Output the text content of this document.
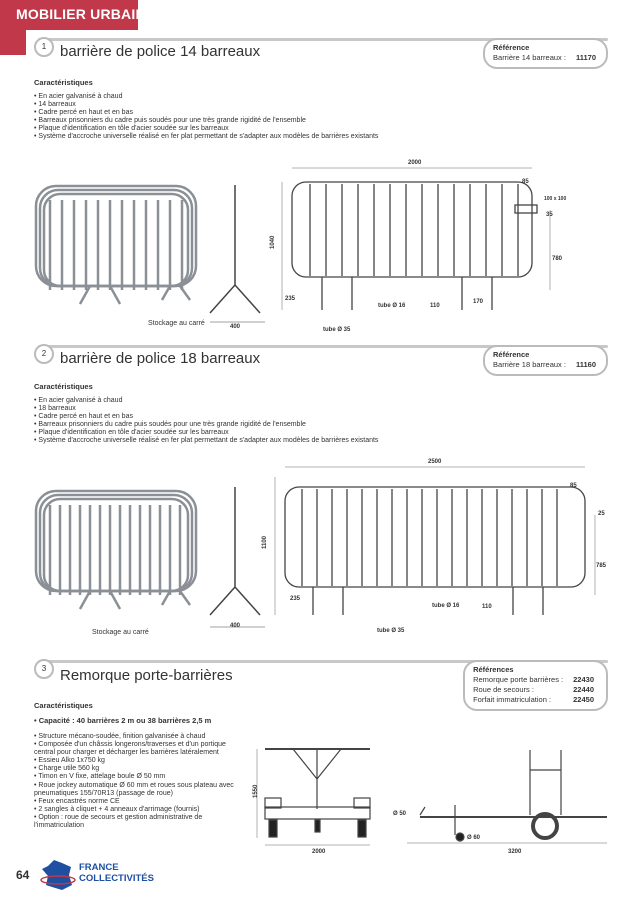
MOBILIER URBAIN
1 barrière de police 14 barreaux	Référence
Barrière 14 barreaux : 11170
Caractéristiques
• En acier galvanisé à chaud
• 14 barreaux
• Cadre percé en haut et en bas
• Barreaux prisonniers du cadre puis soudés pour une très grande rigidité de l'ensemble
• Plaque d'identification en tôle d'acier soudée sur les barreaux
• Système d'accroche universelle réalisé en fer plat permettant de s'adapter aux modèles de barrières existants
400
Stockage au carré
2000
1040
85
100 x 100
35
780
235
tube Ø 16	110
170
tube Ø 35
2 barrière de police 18 barreaux	Référence
Barrière 18 barreaux : 11160
Caractéristiques
• En acier galvanisé à chaud
• 18 barreaux
• Cadre percé en haut et en bas
• Barreaux prisonniers du cadre puis soudés pour une très grande rigidité de l'ensemble
• Plaque d'identification en tôle d'acier soudée sur les barreaux
• Système d'accroche universelle réalisé en fer plat permettant de s'adapter aux modèles de barrières existants
400
Stockage au carré
2500
1100
85
25
785
235
tube Ø 16	110
tube Ø 35
3 Remorque porte-barrières	Références
Remorque porte barrières : 22430
Roue de secours :	22440
Forfait immatriculation :	22450
Caractéristiques
• Capacité : 40 barrières 2 m ou 38 barrières 2,5 m
• Structure mécano-soudée, finition galvanisée à chaud
• Composée d'un châssis longerons/traverses et d'un portique central pour charger et décharger les barrières latéralement
• Essieu Alko 1x750 kg
• Charge utile 560 kg
• Timon en V fixe, attelage boule Ø 50 mm
• Roue jockey automatique Ø 60 mm et roues sous plateau avec pneumatiques 155/70R13 (passage de roue)
• Feux encastrés norme CE
• 2 sangles à cliquet + 4 anneaux d'arrimage (fournis)
• Option : roue de secours et gestion administrative de l'immatriculation
1550
2000
Ø 50
Ø 60
3200
64
FRANCE
COLLECTIVITÉS
